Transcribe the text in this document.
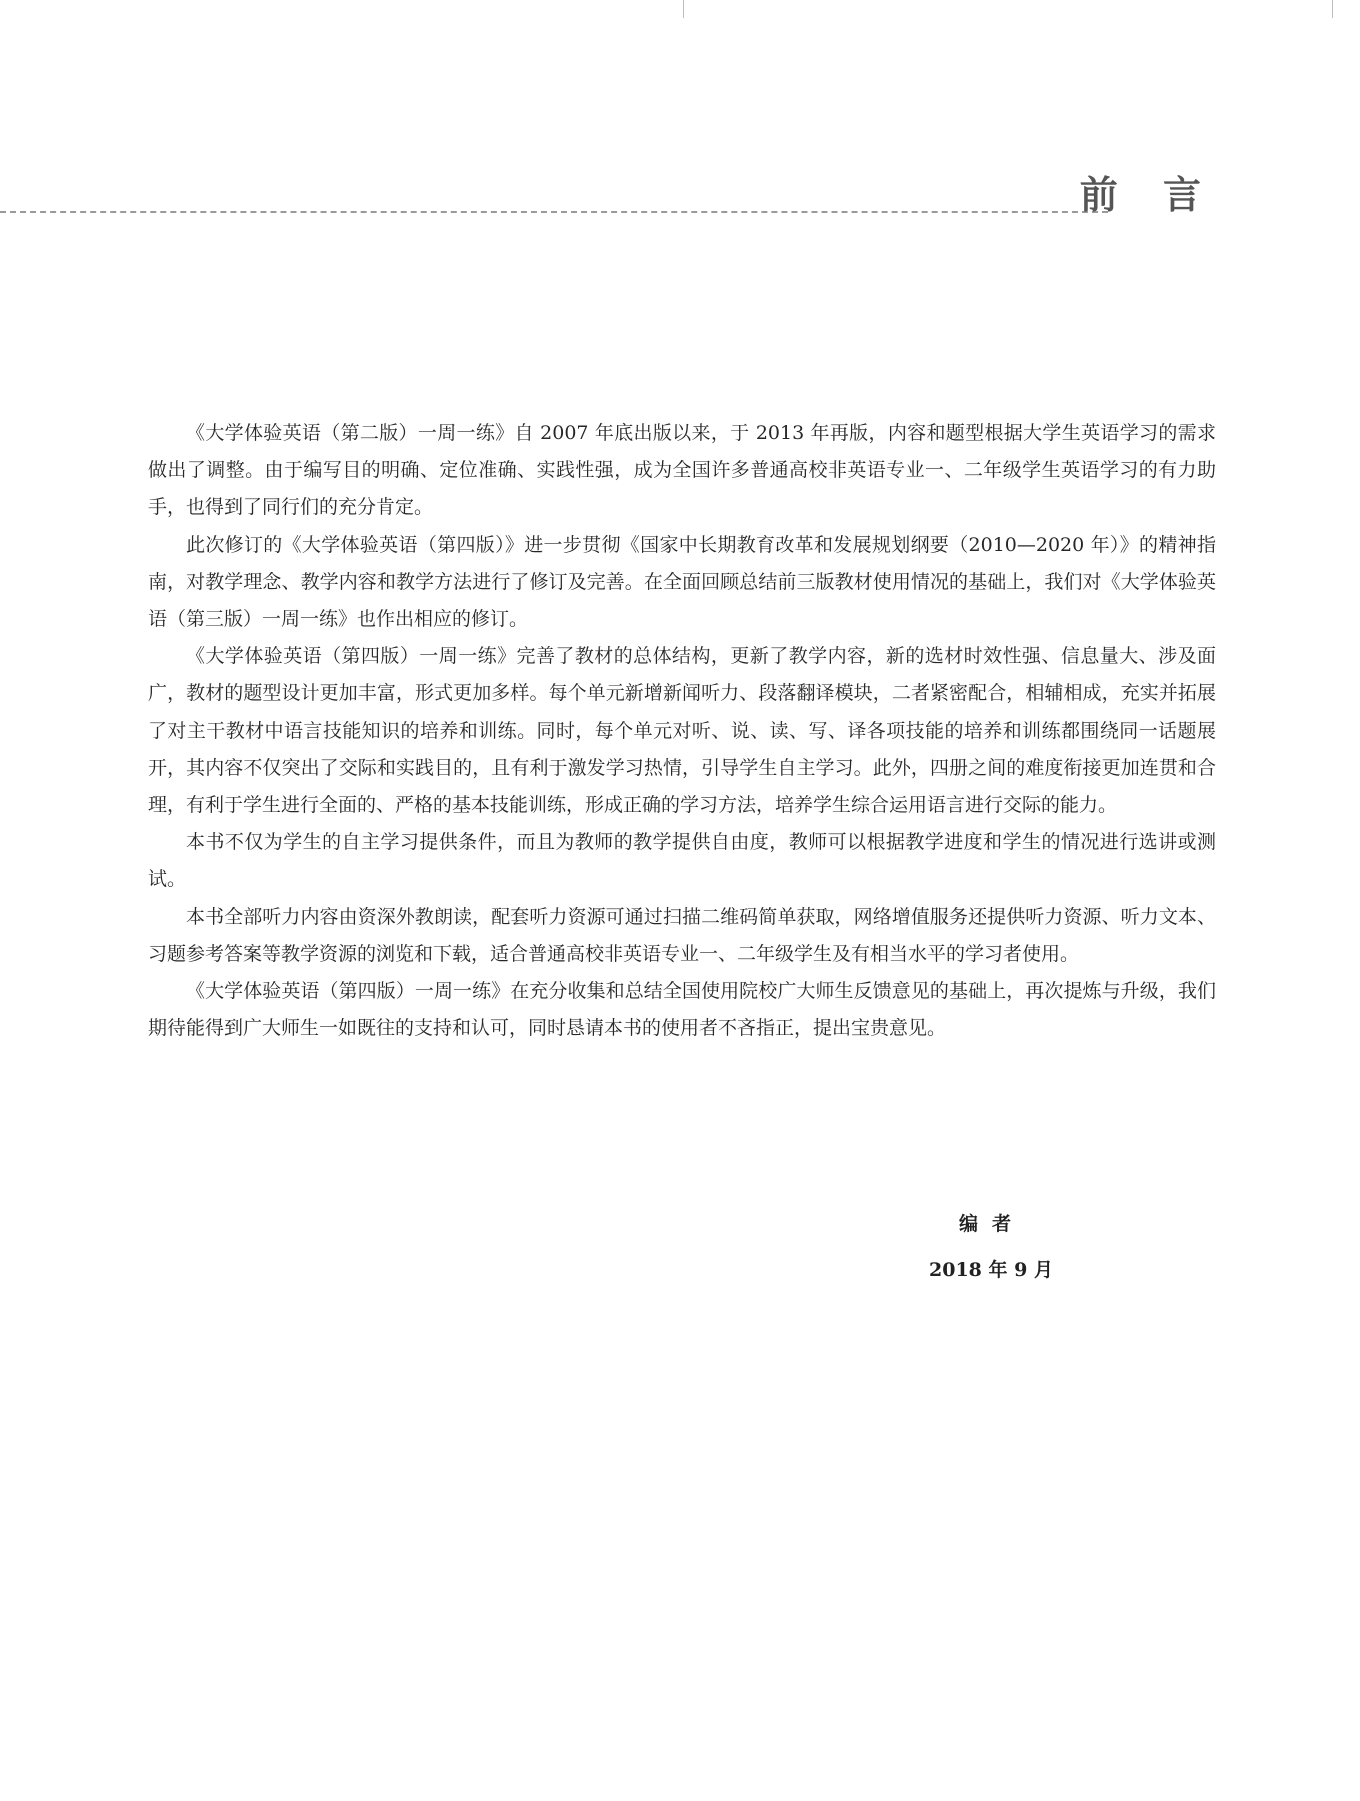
前 言

《大学体验英语（第二版）一周一练》自 2007 年底出版以来，于 2013 年再版，内容和题型根据大学生英语学习的需求做出了调整。由于编写目的明确、定位准确、实践性强，成为全国许多普通高校非英语专业一、二年级学生英语学习的有力助手，也得到了同行们的充分肯定。

此次修订的《大学体验英语（第四版）》进一步贯彻《国家中长期教育改革和发展规划纲要（2010—2020 年）》的精神指南，对教学理念、教学内容和教学方法进行了修订及完善。在全面回顾总结前三版教材使用情况的基础上，我们对《大学体验英语（第三版）一周一练》也作出相应的修订。

《大学体验英语（第四版）一周一练》完善了教材的总体结构，更新了教学内容，新的选材时效性强、信息量大、涉及面广，教材的题型设计更加丰富，形式更加多样。每个单元新增新闻听力、段落翻译模块，二者紧密配合，相辅相成，充实并拓展了对主干教材中语言技能知识的培养和训练。同时，每个单元对听、说、读、写、译各项技能的培养和训练都围绕同一话题展开，其内容不仅突出了交际和实践目的，且有利于激发学习热情，引导学生自主学习。此外，四册之间的难度衔接更加连贯和合理，有利于学生进行全面的、严格的基本技能训练，形成正确的学习方法，培养学生综合运用语言进行交际的能力。

本书不仅为学生的自主学习提供条件，而且为教师的教学提供自由度，教师可以根据教学进度和学生的情况进行选讲或测试。

本书全部听力内容由资深外教朗读，配套听力资源可通过扫描二维码简单获取，网络增值服务还提供听力资源、听力文本、习题参考答案等教学资源的浏览和下载，适合普通高校非英语专业一、二年级学生及有相当水平的学习者使用。

《大学体验英语（第四版）一周一练》在充分收集和总结全国使用院校广大师生反馈意见的基础上，再次提炼与升级，我们期待能得到广大师生一如既往的支持和认可，同时恳请本书的使用者不吝指正，提出宝贵意见。

编者
2018 年 9 月
